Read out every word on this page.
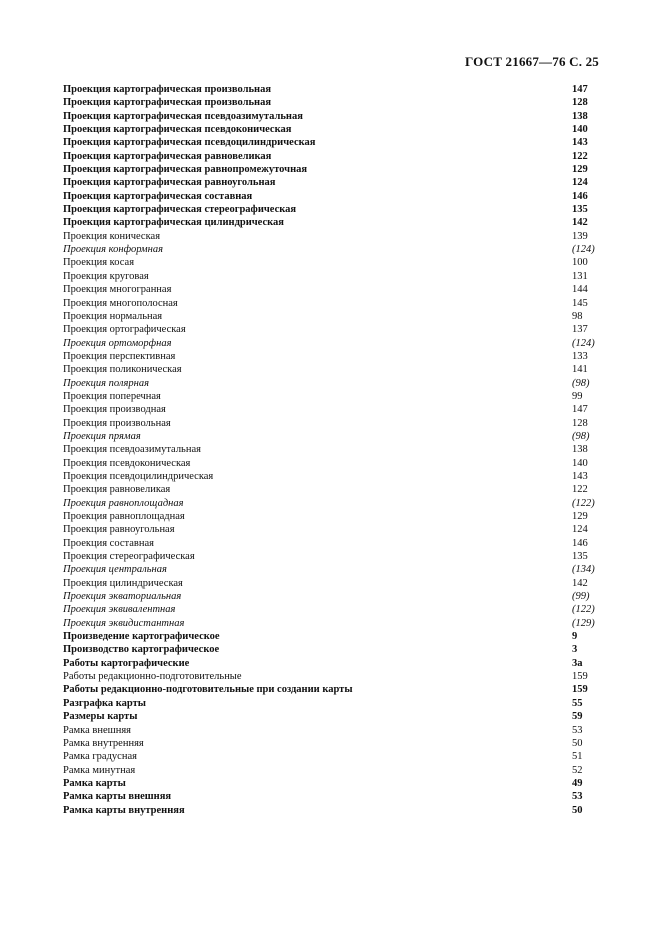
ГОСТ 21667—76 С. 25
Проекция картографическая произвольная	147
Проекция картографическая произвольная	128
Проекция картографическая псевдоазимутальная	138
Проекция картографическая псевдоконическая	140
Проекция картографическая псевдоцилиндрическая	143
Проекция картографическая равновеликая	122
Проекция картографическая равнопромежуточная	129
Проекция картографическая равноугольная	124
Проекция картографическая составная	146
Проекция картографическая стереографическая	135
Проекция картографическая цилиндрическая	142
Проекция коническая	139
Проекция конформная	(124)
Проекция косая	100
Проекция круговая	131
Проекция многогранная	144
Проекция многополосная	145
Проекция нормальная	98
Проекция ортографическая	137
Проекция ортоморфная	(124)
Проекция перспективная	133
Проекция поликоническая	141
Проекция полярная	(98)
Проекция поперечная	99
Проекция производная	147
Проекция произвольная	128
Проекция прямая	(98)
Проекция псевдоазимутальная	138
Проекция псевдоконическая	140
Проекция псевдоцилиндрическая	143
Проекция равновеликая	122
Проекция равноплощадная	(122)
Проекция равноплощадная	129
Проекция равноугольная	124
Проекция составная	146
Проекция стереографическая	135
Проекция центральная	(134)
Проекция цилиндрическая	142
Проекция экваториальная	(99)
Проекция эквивалентная	(122)
Проекция эквидистантная	(129)
Произведение картографическое	9
Производство картографическое	3
Работы картографические	3а
Работы редакционно-подготовительные	159
Работы редакционно-подготовительные при создании карты	159
Разграфка карты	55
Размеры карты	59
Рамка внешняя	53
Рамка внутренняя	50
Рамка градусная	51
Рамка минутная	52
Рамка карты	49
Рамка карты внешняя	53
Рамка карты внутренняя	50
